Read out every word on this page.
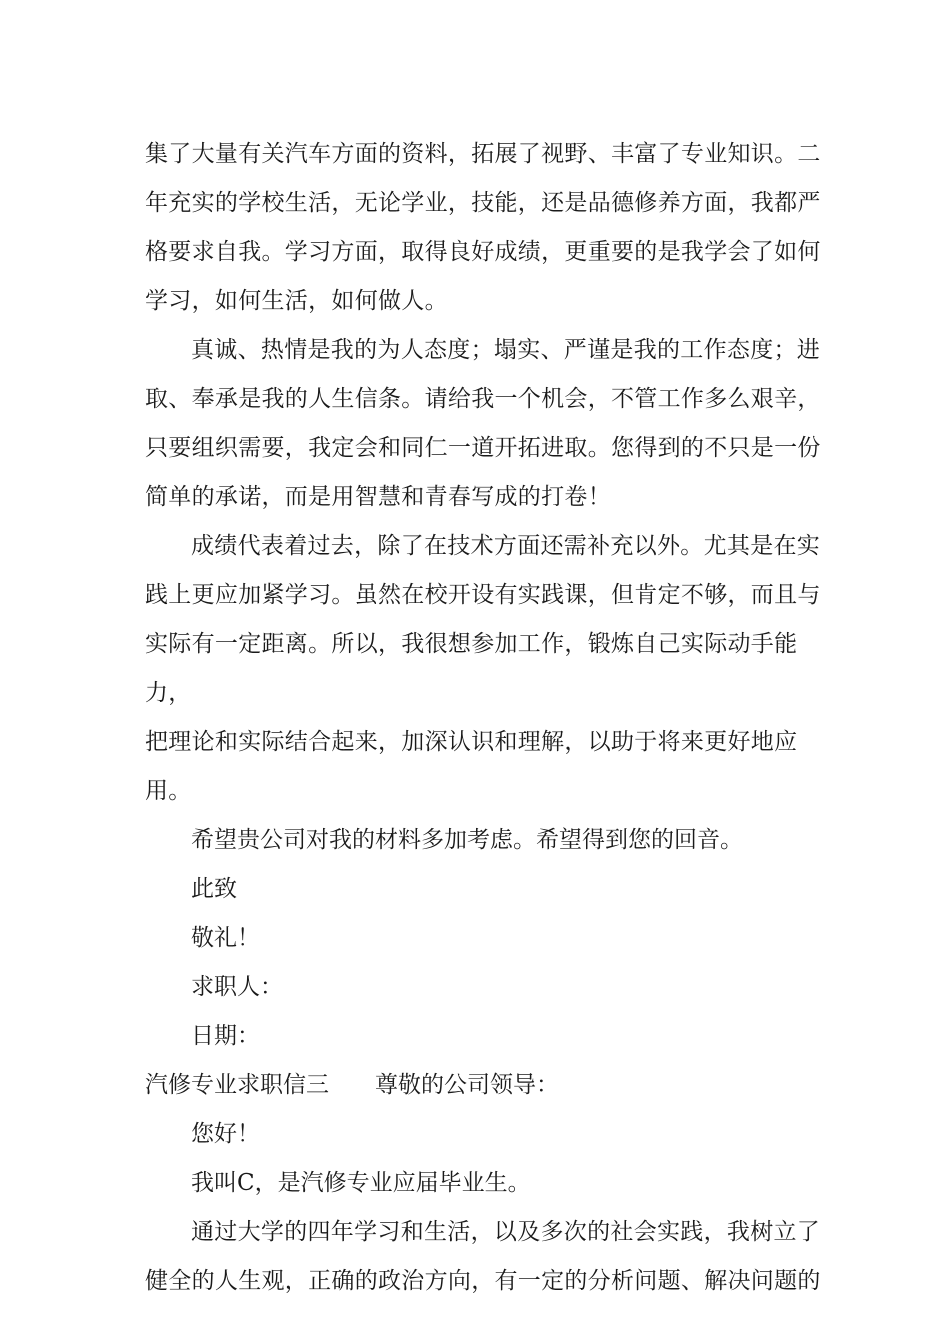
集了大量有关汽车方面的资料，拓展了视野、丰富了专业知识。二
年充实的学校生活，无论学业，技能，还是品德修养方面，我都严
格要求自我。学习方面，取得良好成绩，更重要的是我学会了如何
学习，如何生活，如何做人。

真诚、热情是我的为人态度；塌实、严谨是我的工作态度；进
取、奉承是我的人生信条。请给我一个机会，不管工作多么艰辛，
只要组织需要，我定会和同仁一道开拓进取。您得到的不只是一份
简单的承诺，而是用智慧和青春写成的打卷！

成绩代表着过去，除了在技术方面还需补充以外。尤其是在实
践上更应加紧学习。虽然在校开设有实践课，但肯定不够，而且与
实际有一定距离。所以，我很想参加工作，锻炼自己实际动手能力，
把理论和实际结合起来，加深认识和理解，以助于将来更好地应用。

希望贵公司对我的材料多加考虑。希望得到您的回音。

此致

敬礼！

求职人：

日期：

汽修专业求职信三 尊敬的公司领导：

您好！

我叫C，是汽修专业应届毕业生。

通过大学的四年学习和生活，以及多次的社会实践，我树立了
健全的人生观，正确的政治方向，有一定的分析问题、解决问题的
